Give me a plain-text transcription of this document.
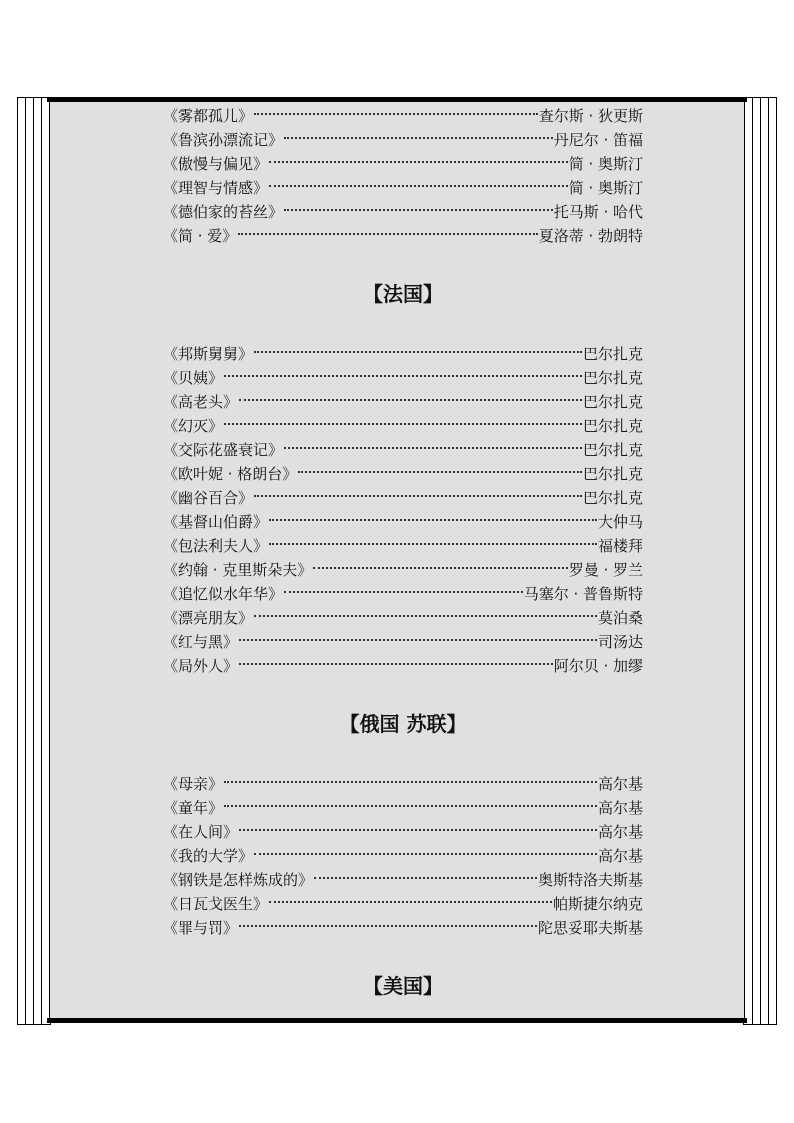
《雾都孤儿》	查尔斯 · 狄更斯
《鲁滨孙漂流记》	丹尼尔 · 笛福
《傲慢与偏见》	简 · 奥斯汀
《理智与情感》	简 · 奥斯汀
《德伯家的苔丝》	托马斯 · 哈代
《简 · 爱》	夏洛蒂 · 勃朗特
【法国】
《邦斯舅舅》	巴尔扎克
《贝姨》	巴尔扎克
《高老头》	巴尔扎克
《幻灭》	巴尔扎克
《交际花盛衰记》	巴尔扎克
《欧叶妮 · 格朗台》	巴尔扎克
《幽谷百合》	巴尔扎克
《基督山伯爵》	大仲马
《包法利夫人》	福楼拜
《约翰 · 克里斯朵夫》	罗曼 · 罗兰
《追忆似水年华》	马塞尔 · 普鲁斯特
《漂亮朋友》	莫泊桑
《红与黑》	司汤达
《局外人》	阿尔贝 · 加缪
【俄国 苏联】
《母亲》	高尔基
《童年》	高尔基
《在人间》	高尔基
《我的大学》	高尔基
《钢铁是怎样炼成的》	奥斯特洛夫斯基
《日瓦戈医生》	帕斯捷尔纳克
《罪与罚》	陀思妥耶夫斯基
【美国】
